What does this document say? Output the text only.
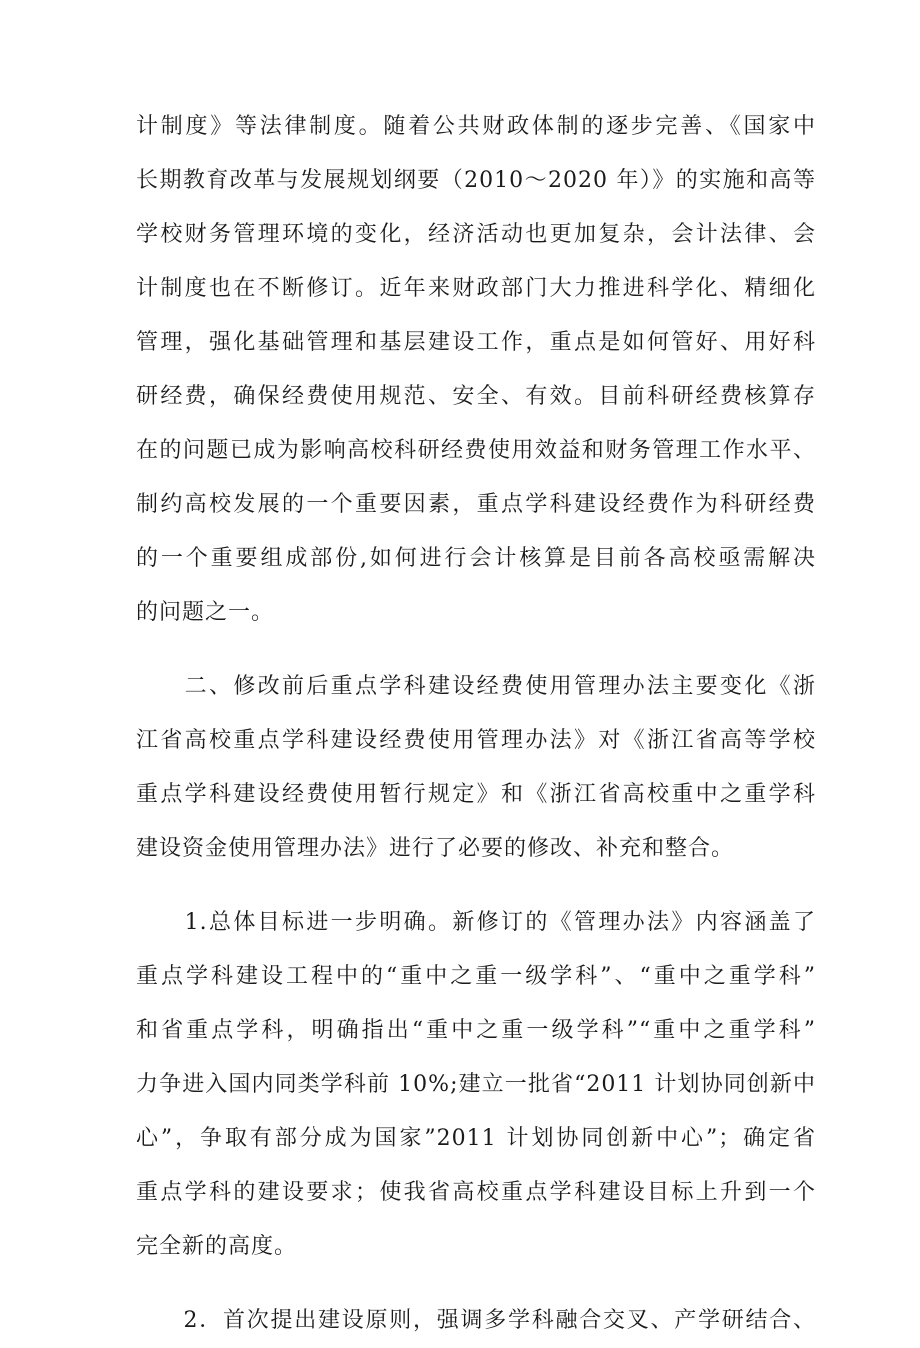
计制度》等法律制度。随着公共财政体制的逐步完善、《国家中
长期教育改革与发展规划纲要（2010～2020 年）》的实施和高等
学校财务管理环境的变化，经济活动也更加复杂，会计法律、会
计制度也在不断修订。近年来财政部门大力推进科学化、精细化
管理，强化基础管理和基层建设工作，重点是如何管好、用好科
研经费，确保经费使用规范、安全、有效。目前科研经费核算存
在的问题已成为影响高校科研经费使用效益和财务管理工作水平、
制约高校发展的一个重要因素，重点学科建设经费作为科研经费
的一个重要组成部份,如何进行会计核算是目前各高校亟需解决
的问题之一。
　　二、修改前后重点学科建设经费使用管理办法主要变化《浙
江省高校重点学科建设经费使用管理办法》对《浙江省高等学校
重点学科建设经费使用暂行规定》和《浙江省高校重中之重学科
建设资金使用管理办法》进行了必要的修改、补充和整合。
　　1.总体目标进一步明确。新修订的《管理办法》内容涵盖了
重点学科建设工程中的“重中之重一级学科”、“重中之重学科”
和省重点学科，明确指出“重中之重一级学科”“重中之重学科”
力争进入国内同类学科前 10%;建立一批省“2011 计划协同创新中
心”，争取有部分成为国家”2011 计划协同创新中心”；确定省
重点学科的建设要求；使我省高校重点学科建设目标上升到一个
完全新的高度。
　　2．首次提出建设原则，强调多学科融合交叉、产学研结合、
